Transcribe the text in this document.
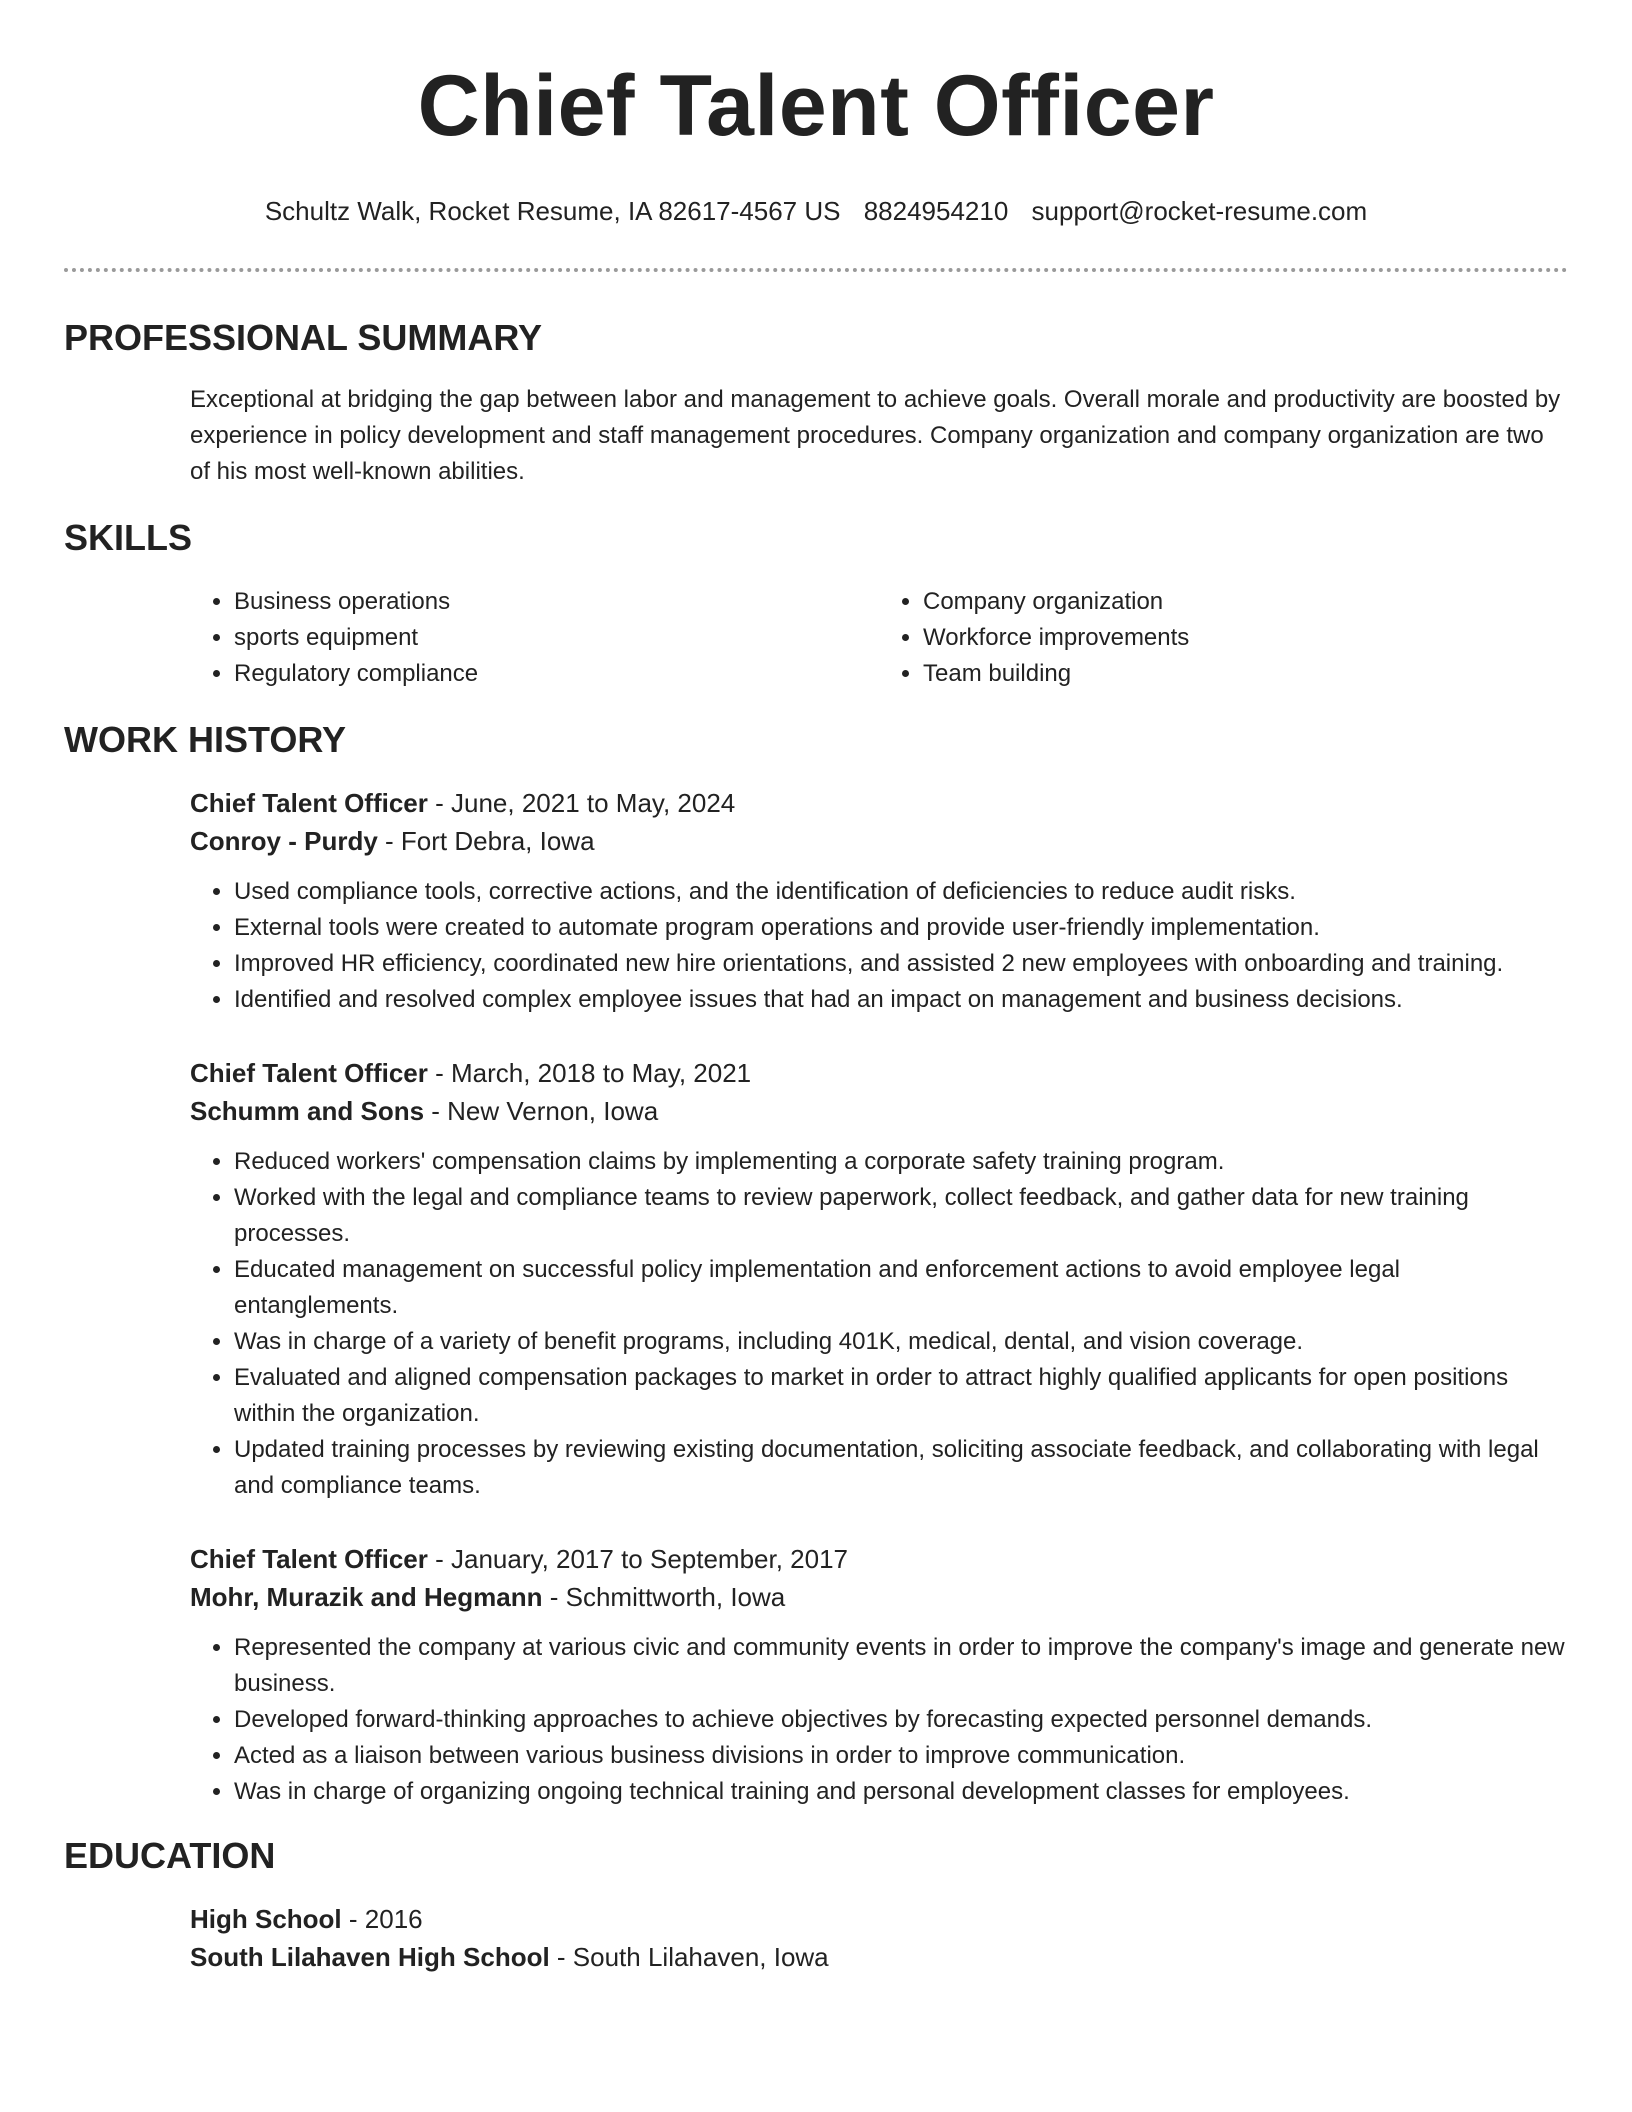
Chief Talent Officer
Schultz Walk, Rocket Resume, IA 82617-4567 US 8824954210 support@rocket-resume.com
PROFESSIONAL SUMMARY

Exceptional at bridging the gap between labor and management to achieve goals. Overall morale and productivity are boosted by experience in policy development and staff management procedures. Company organization and company organization are two of his most well-known abilities.

SKILLS
• Business operations
• sports equipment
• Regulatory compliance
• Company organization
• Workforce improvements
• Team building
WORK HISTORY

Chief Talent Officer - June, 2021 to May, 2024

Conroy - Purdy - Fort Debra, Iowa

• Used compliance tools, corrective actions, and the identification of deficiencies to reduce audit risks.
• External tools were created to automate program operations and provide user-friendly implementation.
• Improved HR efficiency, coordinated new hire orientations, and assisted 2 new employees with onboarding and training.
• Identified and resolved complex employee issues that had an impact on management and business decisions.

Chief Talent Officer - March, 2018 to May, 2021

Schumm and Sons - New Vernon, Iowa

• Reduced workers' compensation claims by implementing a corporate safety training program.
• Worked with the legal and compliance teams to review paperwork, collect feedback, and gather data for new training processes.
• Educated management on successful policy implementation and enforcement actions to avoid employee legal entanglements.
• Was in charge of a variety of benefit programs, including 401K, medical, dental, and vision coverage.
• Evaluated and aligned compensation packages to market in order to attract highly qualified applicants for open positions within the organization.
• Updated training processes by reviewing existing documentation, soliciting associate feedback, and collaborating with legal and compliance teams.

Chief Talent Officer - January, 2017 to September, 2017

Mohr, Murazik and Hegmann - Schmittworth, Iowa

• Represented the company at various civic and community events in order to improve the company's image and generate new business.
• Developed forward-thinking approaches to achieve objectives by forecasting expected personnel demands.
• Acted as a liaison between various business divisions in order to improve communication.
• Was in charge of organizing ongoing technical training and personal development classes for employees.
EDUCATION

High School - 2016

South Lilahaven High School - South Lilahaven, Iowa
